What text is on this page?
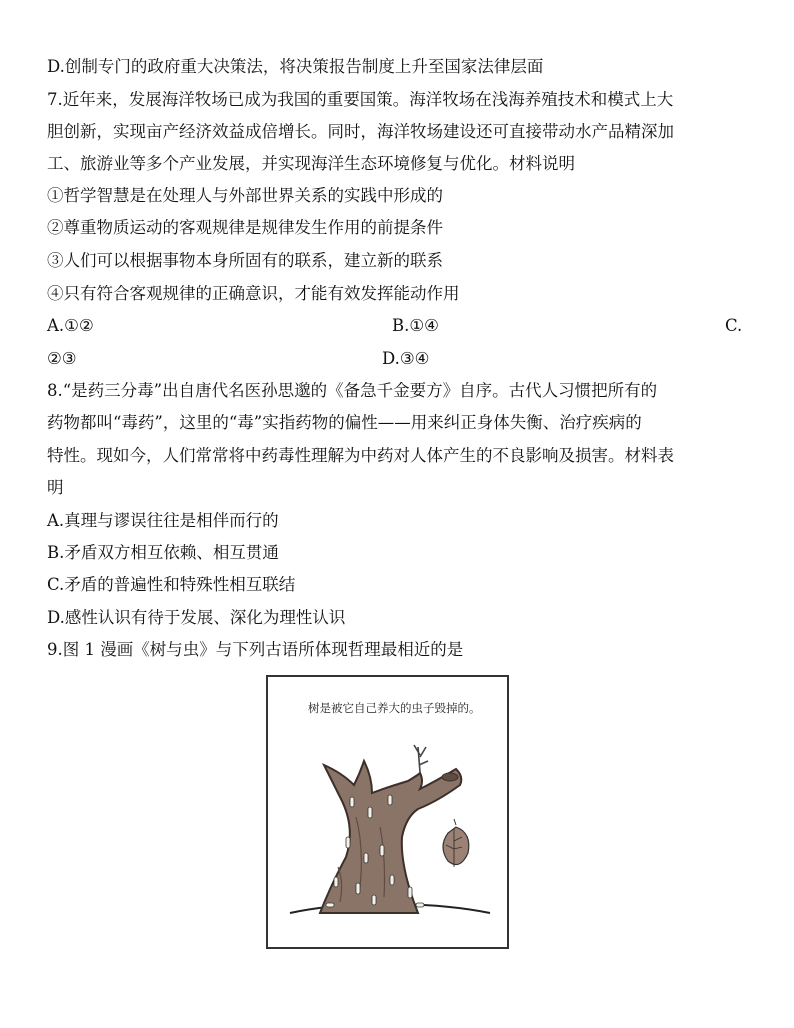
D.创制专门的政府重大决策法，将决策报告制度上升至国家法律层面
7.近年来，发展海洋牧场已成为我国的重要国策。海洋牧场在浅海养殖技术和模式上大
胆创新，实现亩产经济效益成倍增长。同时，海洋牧场建设还可直接带动水产品精深加
工、旅游业等多个产业发展，并实现海洋生态环境修复与优化。材料说明
①哲学智慧是在处理人与外部世界关系的实践中形成的
②尊重物质运动的客观规律是规律发生作用的前提条件
③人们可以根据事物本身所固有的联系，建立新的联系
④只有符合客观规律的正确意识，才能有效发挥能动作用
A.①②	B.①④	C.
②③	D.③④
8.“是药三分毒”出自唐代名医孙思邈的《备急千金要方》自序。古代人习惯把所有的
药物都叫“毒药”，这里的“毒”实指药物的偏性——用来纠正身体失衡、治疗疾病的
特性。现如今，人们常常将中药毒性理解为中药对人体产生的不良影响及损害。材料表
明
A.真理与谬误往往是相伴而行的
B.矛盾双方相互依赖、相互贯通
C.矛盾的普遍性和特殊性相互联结
D.感性认识有待于发展、深化为理性认识
9.图 1 漫画《树与虫》与下列古语所体现哲理最相近的是
树是被它自己养大的虫子毁掉的。
